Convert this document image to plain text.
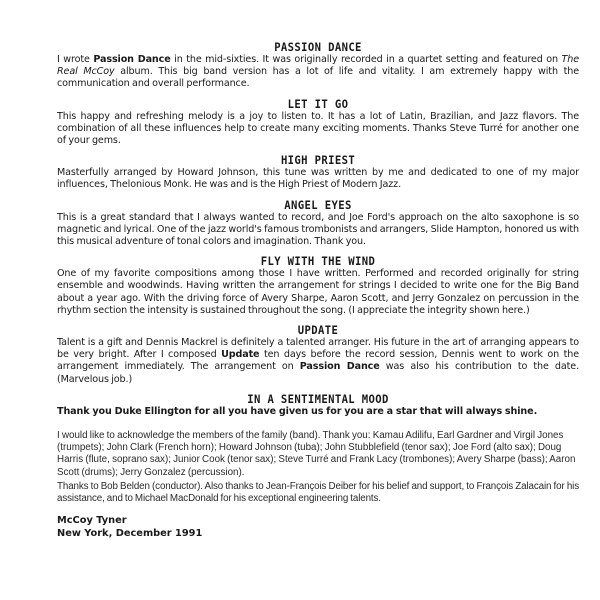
PASSION DANCE

I wrote Passion Dance in the mid-sixties. It was originally recorded in a quartet setting and featured on The Real McCoy album. This big band version has a lot of life and vitality. I am extremely happy with the communication and overall performance.

LET IT GO

This happy and refreshing melody is a joy to listen to. It has a lot of Latin, Brazilian, and Jazz flavors. The combination of all these influences help to create many exciting moments. Thanks Steve Turré for another one of your gems.

HIGH PRIEST

Masterfully arranged by Howard Johnson, this tune was written by me and dedicated to one of my major influences, Thelonious Monk. He was and is the High Priest of Modern Jazz.

ANGEL EYES

This is a great standard that I always wanted to record, and Joe Ford's approach on the alto saxophone is so magnetic and lyrical. One of the jazz world's famous trombonists and arrangers, Slide Hampton, honored us with this musical adventure of tonal colors and imagination. Thank you.

FLY WITH THE WIND

One of my favorite compositions among those I have written. Performed and recorded originally for string ensemble and woodwinds. Having written the arrangement for strings I decided to write one for the Big Band about a year ago. With the driving force of Avery Sharpe, Aaron Scott, and Jerry Gonzalez on percussion in the rhythm section the intensity is sustained throughout the song. (I appreciate the integrity shown here.)

UPDATE

Talent is a gift and Dennis Mackrel is definitely a talented arranger. His future in the art of arranging appears to be very bright. After I composed Update ten days before the record session, Dennis went to work on the arrangement immediately. The arrangement on Passion Dance was also his contribution to the date. (Marvelous job.)

IN A SENTIMENTAL MOOD

Thank you Duke Ellington for all you have given us for you are a star that will always shine.

I would like to acknowledge the members of the family (band). Thank you: Kamau Adilifu, Earl Gardner and Virgil Jones (trumpets); John Clark (French horn); Howard Johnson (tuba); John Stubblefield (tenor sax); Joe Ford (alto sax); Doug Harris (flute, soprano sax); Junior Cook (tenor sax); Steve Turré and Frank Lacy (trombones); Avery Sharpe (bass); Aaron Scott (drums); Jerry Gonzalez (percussion).

Thanks to Bob Belden (conductor). Also thanks to Jean-François Deiber for his belief and support, to François Zalacain for his assistance, and to Michael MacDonald for his exceptional engineering talents.

McCoy Tyner
New York, December 1991
